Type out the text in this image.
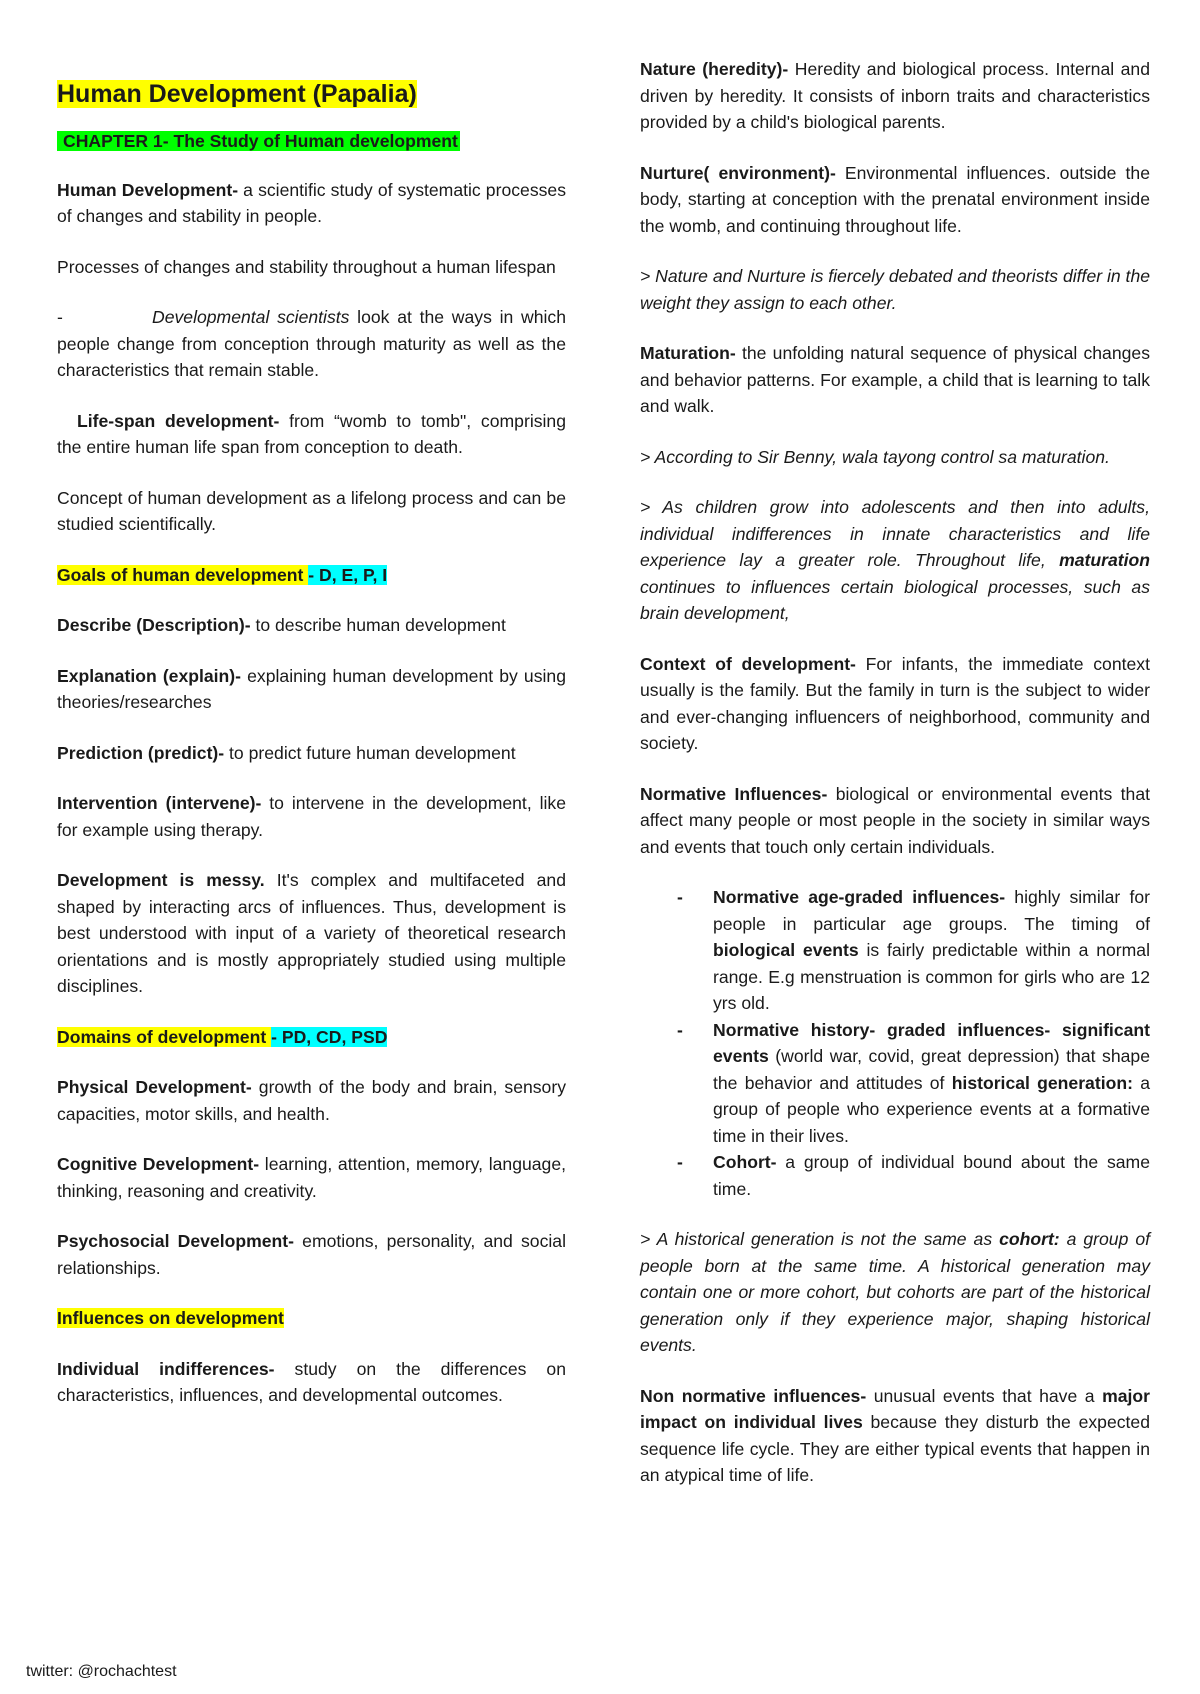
Human Development (Papalia)

CHAPTER 1- The Study of Human development

Human Development- a scientific study of systematic processes of changes and stability in people.

Processes of changes and stability throughout a human lifespan

-	Developmental scientists look at the ways in which people change from conception through maturity as well as the characteristics that remain stable.

Life-span development- from “womb to tomb", comprising the entire human life span from conception to death.

Concept of human development as a lifelong process and can be studied scientifically.

Goals of human development - D, E, P, I

Describe (Description)- to describe human development

Explanation (explain)- explaining human development by using theories/researches

Prediction (predict)- to predict future human development

Intervention (intervene)- to intervene in the development, like for example using therapy.

Development is messy. It's complex and multifaceted and shaped by interacting arcs of influences. Thus, development is best understood with input of a variety of theoretical research orientations and is mostly appropriately studied using multiple disciplines.

Domains of development - PD, CD, PSD

Physical Development- growth of the body and brain, sensory capacities, motor skills, and health.

Cognitive Development- learning, attention, memory, language, thinking, reasoning and creativity.

Psychosocial Development- emotions, personality, and social relationships.

Influences on development

Individual indifferences- study on the differences on characteristics, influences, and developmental outcomes.

Nature (heredity)- Heredity and biological process. Internal and driven by heredity. It consists of inborn traits and characteristics provided by a child's biological parents.

Nurture( environment)- Environmental influences. outside the body, starting at conception with the prenatal environment inside the womb, and continuing throughout life.

> Nature and Nurture is fiercely debated and theorists differ in the weight they assign to each other.

Maturation- the unfolding natural sequence of physical changes and behavior patterns. For example, a child that is learning to talk and walk.

> According to Sir Benny, wala tayong control sa maturation.

> As children grow into adolescents and then into adults, individual indifferences in innate characteristics and life experience lay a greater role. Throughout life, maturation continues to influences certain biological processes, such as brain development,

Context of development- For infants, the immediate context usually is the family. But the family in turn is the subject to wider and ever-changing influencers of neighborhood, community and society.

Normative Influences- biological or environmental events that affect many people or most people in the society in similar ways and events that touch only certain individuals.

- Normative age-graded influences- highly similar for people in particular age groups. The timing of biological events is fairly predictable within a normal range. E.g menstruation is common for girls who are 12 yrs old.
- Normative history- graded influences- significant events (world war, covid, great depression) that shape the behavior and attitudes of historical generation: a group of people who experience events at a formative time in their lives.
- Cohort- a group of individual bound about the same time.

> A historical generation is not the same as cohort: a group of people born at the same time. A historical generation may contain one or more cohort, but cohorts are part of the historical generation only if they experience major, shaping historical events.

Non normative influences- unusual events that have a major impact on individual lives because they disturb the expected sequence life cycle. They are either typical events that happen in an atypical time of life.

twitter: @rochachtest
